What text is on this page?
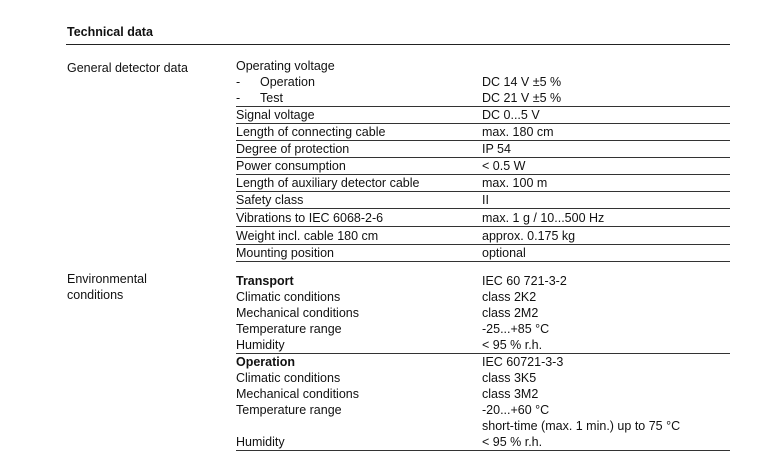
Technical data
General detector data	Operating voltage
- Operation	DC 14 V ±5 %
- Test	DC 21 V ±5 %
Signal voltage	DC 0...5 V
Length of connecting cable	max. 180 cm
Degree of protection	IP 54
Power consumption	< 0.5 W
Length of auxiliary detector cable	max. 100 m
Safety class	II
Vibrations to IEC 6068-2-6	max. 1 g / 10...500 Hz
Weight incl. cable 180 cm	approx. 0.175 kg
Mounting position	optional
Environmental
conditions
Transport	IEC 60 721-3-2
Climatic conditions	class 2K2
Mechanical conditions	class 2M2
Temperature range	-25...+85 °C
Humidity	< 95 % r.h.
Operation	IEC 60721-3-3
Climatic conditions	class 3K5
Mechanical conditions	class 3M2
Temperature range	-20...+60 °C
short-time (max. 1 min.) up to 75 °C
Humidity	< 95 % r.h.
